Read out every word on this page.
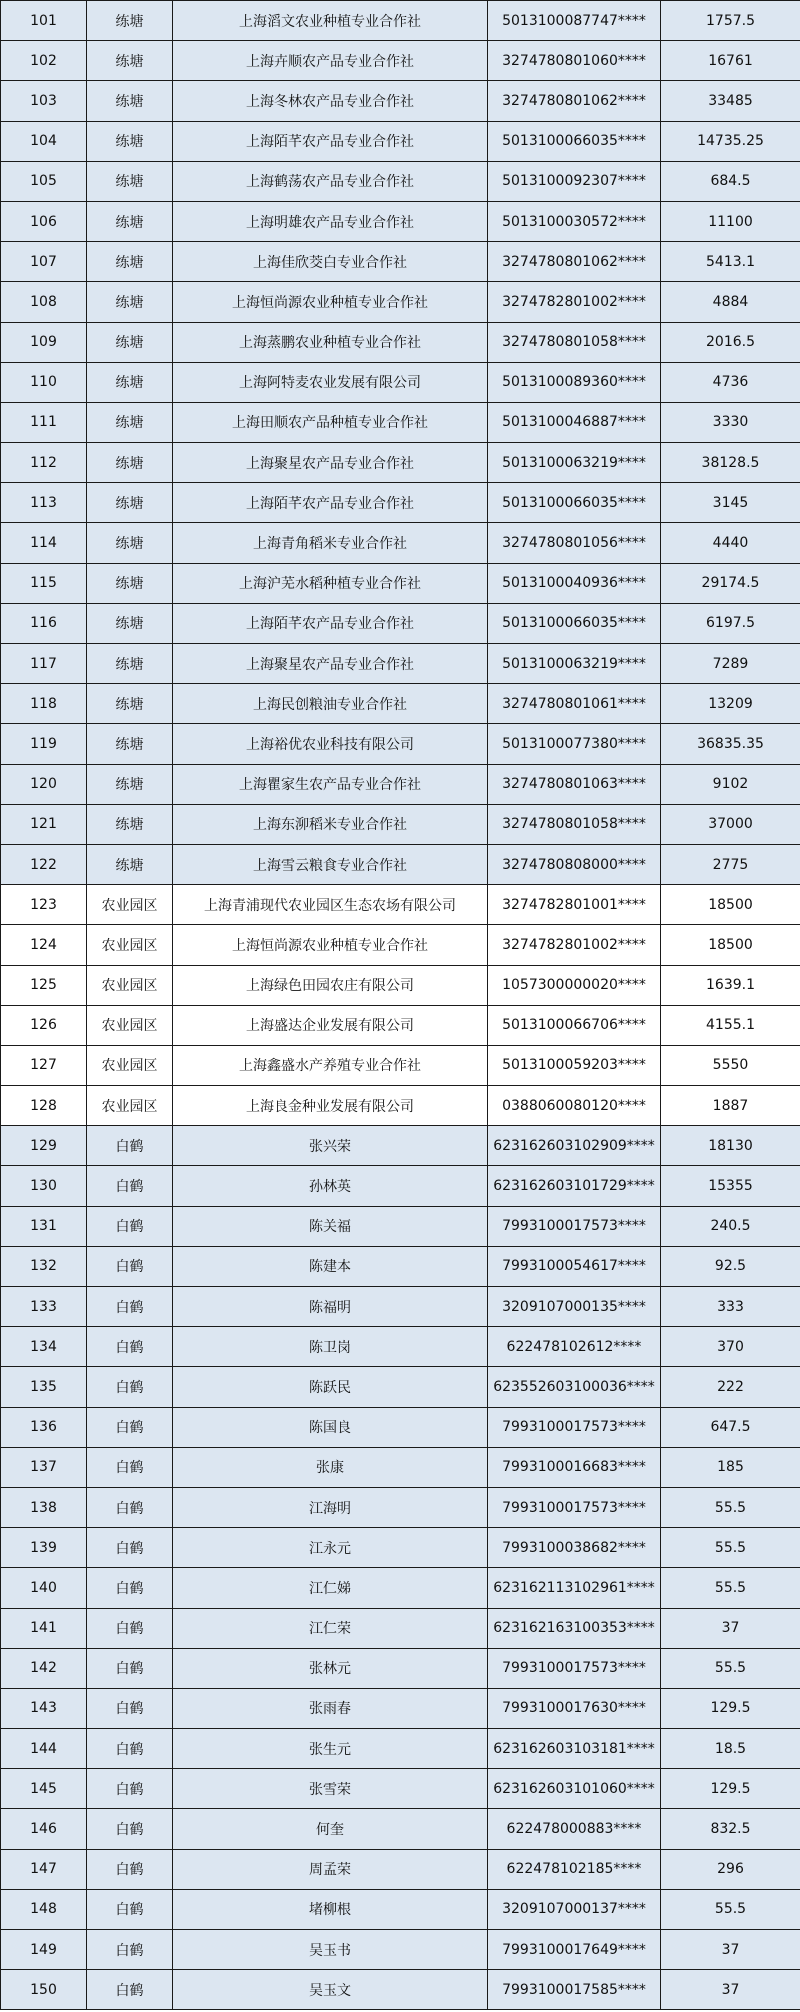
101	练塘	上海滔文农业种植专业合作社	5013100087747****	1757.5
102	练塘	上海卉顺农产品专业合作社	3274780801060****	16761
103	练塘	上海冬林农产品专业合作社	3274780801062****	33485
104	练塘	上海陌芊农产品专业合作社	5013100066035****	14735.25
105	练塘	上海鹤荡农产品专业合作社	5013100092307****	684.5
106	练塘	上海明雄农产品专业合作社	5013100030572****	11100
107	练塘	上海佳欣茭白专业合作社	3274780801062****	5413.1
108	练塘	上海恒尚源农业种植专业合作社	3274782801002****	4884
109	练塘	上海蒸鹏农业种植专业合作社	3274780801058****	2016.5
110	练塘	上海阿特麦农业发展有限公司	5013100089360****	4736
111	练塘	上海田顺农产品种植专业合作社	5013100046887****	3330
112	练塘	上海聚星农产品专业合作社	5013100063219****	38128.5
113	练塘	上海陌芊农产品专业合作社	5013100066035****	3145
114	练塘	上海青角稻米专业合作社	3274780801056****	4440
115	练塘	上海沪芜水稻种植专业合作社	5013100040936****	29174.5
116	练塘	上海陌芊农产品专业合作社	5013100066035****	6197.5
117	练塘	上海聚星农产品专业合作社	5013100063219****	7289
118	练塘	上海民创粮油专业合作社	3274780801061****	13209
119	练塘	上海裕优农业科技有限公司	5013100077380****	36835.35
120	练塘	上海瞿家生农产品专业合作社	3274780801063****	9102
121	练塘	上海东泖稻米专业合作社	3274780801058****	37000
122	练塘	上海雪云粮食专业合作社	3274780808000****	2775
123	农业园区	上海青浦现代农业园区生态农场有限公司	3274782801001****	18500
124	农业园区	上海恒尚源农业种植专业合作社	3274782801002****	18500
125	农业园区	上海绿色田园农庄有限公司	1057300000020****	1639.1
126	农业园区	上海盛达企业发展有限公司	5013100066706****	4155.1
127	农业园区	上海鑫盛水产养殖专业合作社	5013100059203****	5550
128	农业园区	上海良金种业发展有限公司	0388060080120****	1887
129	白鹤	张兴荣	623162603102909****	18130
130	白鹤	孙林英	623162603101729****	15355
131	白鹤	陈关福	7993100017573****	240.5
132	白鹤	陈建本	7993100054617****	92.5
133	白鹤	陈福明	3209107000135****	333
134	白鹤	陈卫岗	622478102612****	370
135	白鹤	陈跃民	623552603100036****	222
136	白鹤	陈国良	7993100017573****	647.5
137	白鹤	张康	7993100016683****	185
138	白鹤	江海明	7993100017573****	55.5
139	白鹤	江永元	7993100038682****	55.5
140	白鹤	江仁娣	623162113102961****	55.5
141	白鹤	江仁荣	623162163100353****	37
142	白鹤	张林元	7993100017573****	55.5
143	白鹤	张雨春	7993100017630****	129.5
144	白鹤	张生元	623162603103181****	18.5
145	白鹤	张雪荣	623162603101060****	129.5
146	白鹤	何奎	622478000883****	832.5
147	白鹤	周孟荣	622478102185****	296
148	白鹤	堵柳根	3209107000137****	55.5
149	白鹤	吴玉书	7993100017649****	37
150	白鹤	吴玉文	7993100017585****	37
